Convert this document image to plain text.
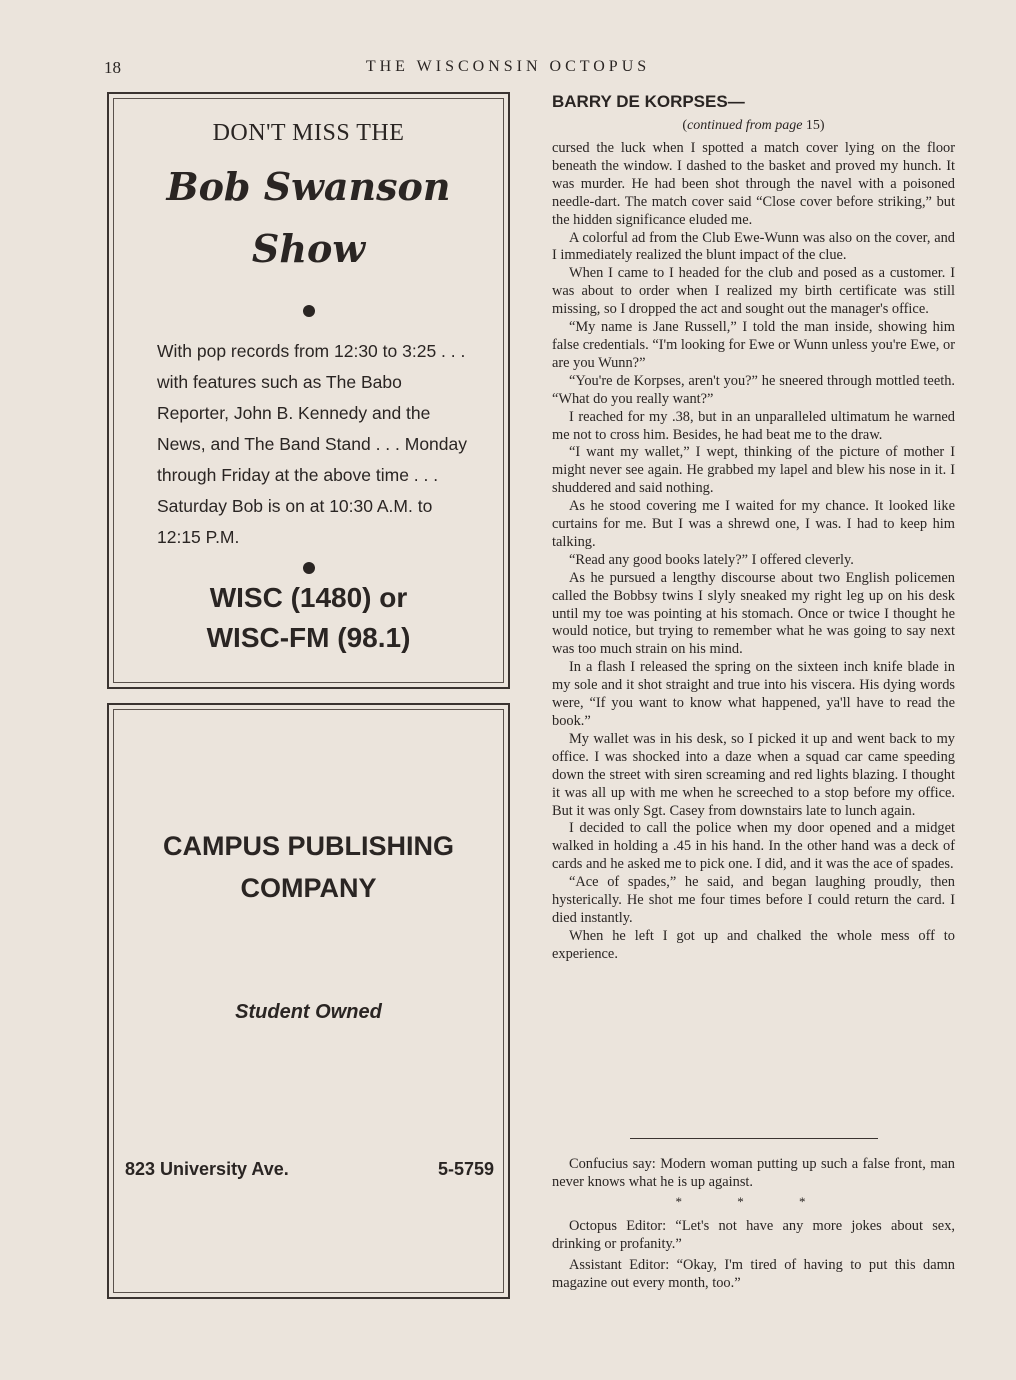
18	THE WISCONSIN OCTOPUS
DON'T MISS THE
Bob Swanson
Show
With pop records from 12:30 to 3:25 . . . with features such as The Babo Reporter, John B. Kennedy and the News, and The Band Stand . . . Monday through Friday at the above time . . . Saturday Bob is on at 10:30 A.M. to 12:15 P.M.
WISC (1480) or
WISC-FM (98.1)
CAMPUS PUBLISHING
COMPANY
Student Owned
823 University Ave.	5-5759
BARRY DE KORPSES—

(continued from page 15)

cursed the luck when I spotted a match cover lying on the floor beneath the window. I dashed to the basket and proved my hunch. It was murder. He had been shot through the navel with a poisoned needle-dart. The match cover said “Close cover before striking,” but the hidden significance eluded me.

A colorful ad from the Club Ewe-Wunn was also on the cover, and I immediately realized the blunt impact of the clue.

When I came to I headed for the club and posed as a customer. I was about to order when I realized my birth certificate was still missing, so I dropped the act and sought out the manager's office.

“My name is Jane Russell,” I told the man inside, showing him false credentials. “I'm looking for Ewe or Wunn unless you're Ewe, or are you Wunn?”

“You're de Korpses, aren't you?” he sneered through mottled teeth. “What do you really want?”

I reached for my .38, but in an unparalleled ultimatum he warned me not to cross him. Besides, he had beat me to the draw.

“I want my wallet,” I wept, thinking of the picture of mother I might never see again. He grabbed my lapel and blew his nose in it. I shuddered and said nothing.

As he stood covering me I waited for my chance. It looked like curtains for me. But I was a shrewd one, I was. I had to keep him talking.

“Read any good books lately?” I offered cleverly.

As he pursued a lengthy discourse about two English policemen called the Bobbsy twins I slyly sneaked my right leg up on his desk until my toe was pointing at his stomach. Once or twice I thought he would notice, but trying to remember what he was going to say next was too much strain on his mind.

In a flash I released the spring on the sixteen inch knife blade in my sole and it shot straight and true into his viscera. His dying words were, “If you want to know what happened, ya'll have to read the book.”

My wallet was in his desk, so I picked it up and went back to my office. I was shocked into a daze when a squad car came speeding down the street with siren screaming and red lights blazing. I thought it was all up with me when he screeched to a stop before my office. But it was only Sgt. Casey from downstairs late to lunch again.

I decided to call the police when my door opened and a midget walked in holding a .45 in his hand. In the other hand was a deck of cards and he asked me to pick one. I did, and it was the ace of spades.

“Ace of spades,” he said, and began laughing proudly, then hysterically. He shot me four times before I could return the card. I died instantly.

When he left I got up and chalked the whole mess off to experience.

Confucius say: Modern woman putting up such a false front, man never knows what he is up against.

* * *

Octopus Editor: “Let's not have any more jokes about sex, drinking or profanity.”

Assistant Editor: “Okay, I'm tired of having to put this damn magazine out every month, too.”
